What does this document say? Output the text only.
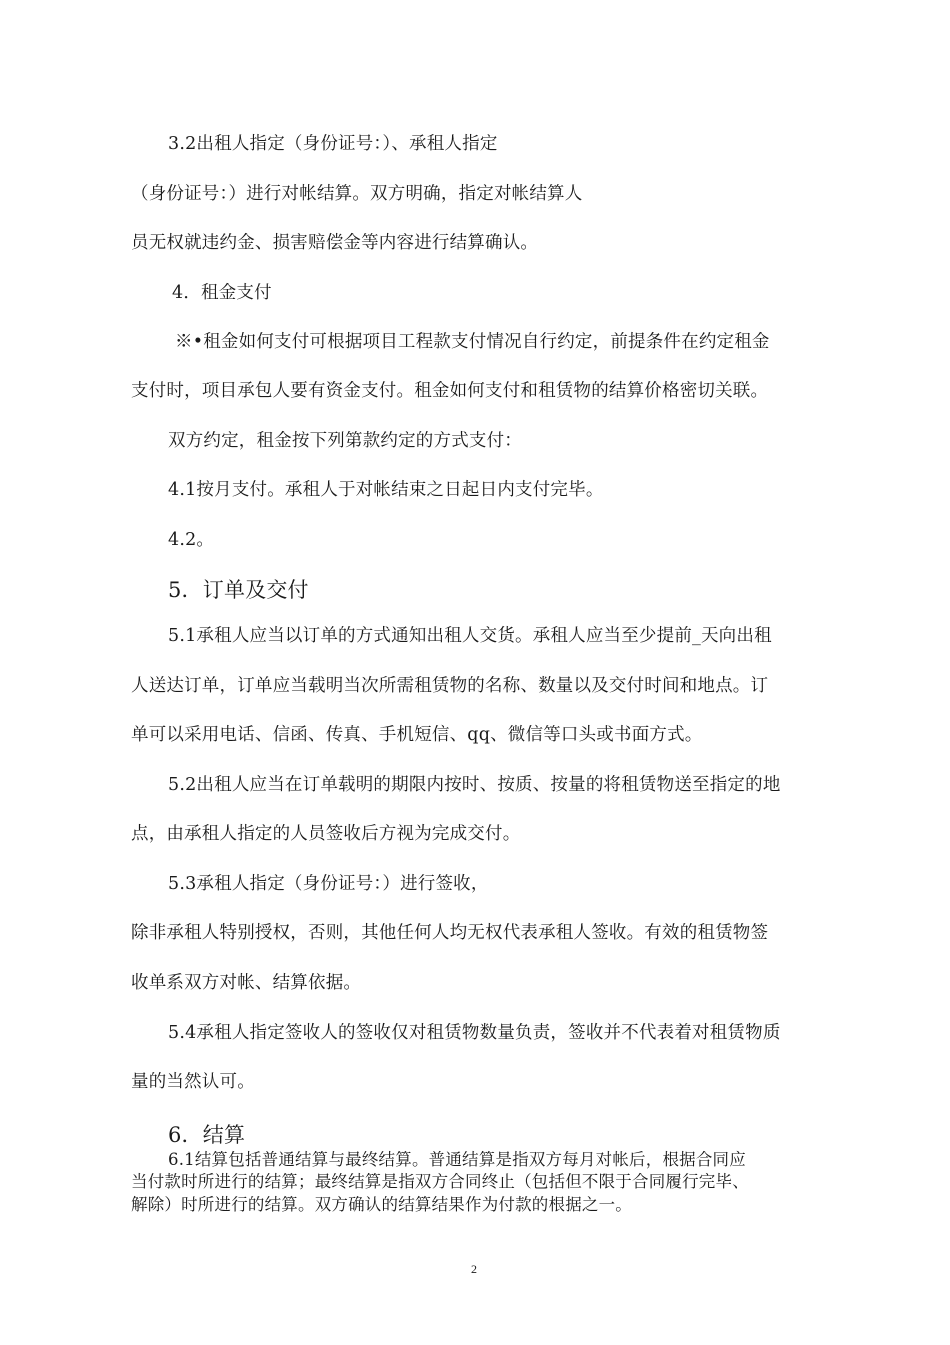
3.2出租人指定（身份证号：）、承租人指定
（身份证号：）进行对帐结算。双方明确，指定对帐结算人
员无权就违约金、损害赔偿金等内容进行结算确认。
4．租金支付
※•租金如何支付可根据项目工程款支付情况自行约定，前提条件在约定租金
支付时，项目承包人要有资金支付。租金如何支付和租赁物的结算价格密切关联。
双方约定，租金按下列第款约定的方式支付：
4.1按月支付。承租人于对帐结束之日起日内支付完毕。
4.2。
5．订单及交付
5.1承租人应当以订单的方式通知出租人交货。承租人应当至少提前_天向出租
人送达订单，订单应当载明当次所需租赁物的名称、数量以及交付时间和地点。订
单可以采用电话、信函、传真、手机短信、qq、微信等口头或书面方式。
5.2出租人应当在订单载明的期限内按时、按质、按量的将租赁物送至指定的地
点，由承租人指定的人员签收后方视为完成交付。
5.3承租人指定（身份证号：）进行签收，
除非承租人特别授权，否则，其他任何人均无权代表承租人签收。有效的租赁物签
收单系双方对帐、结算依据。
5.4承租人指定签收人的签收仅对租赁物数量负责，签收并不代表着对租赁物质
量的当然认可。
6．结算
6.1结算包括普通结算与最终结算。普通结算是指双方每月对帐后，根据合同应
当付款时所进行的结算；最终结算是指双方合同终止（包括但不限于合同履行完毕、
解除）时所进行的结算。双方确认的结算结果作为付款的根据之一。
2
